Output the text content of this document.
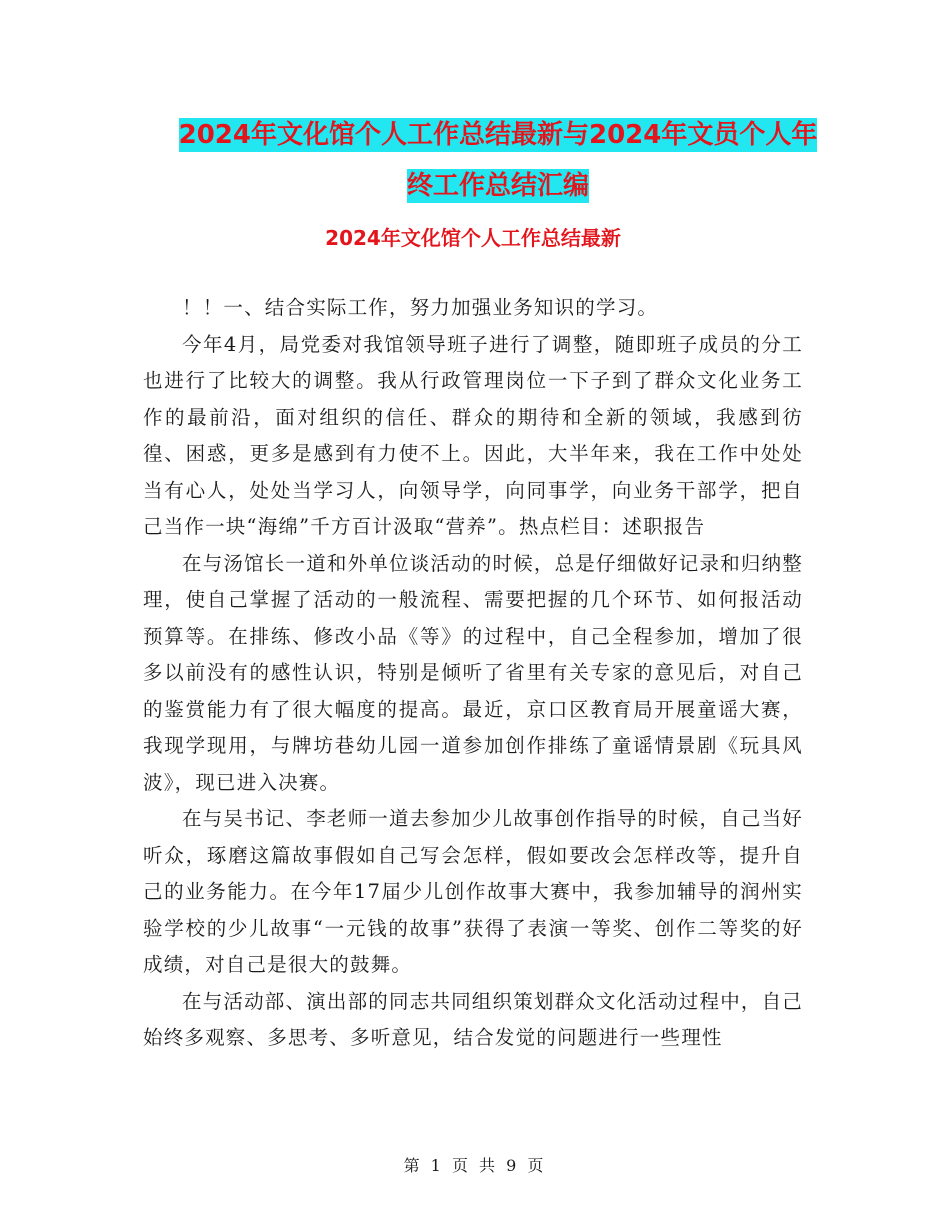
2024年文化馆个人工作总结最新与2024年文员个人年
终工作总结汇编
2024年文化馆个人工作总结最新

！！一、结合实际工作，努力加强业务知识的学习。

今年4月，局党委对我馆领导班子进行了调整，随即班子成员的分工也进行了比较大的调整。我从行政管理岗位一下子到了群众文化业务工作的最前沿，面对组织的信任、群众的期待和全新的领域，我感到彷徨、困惑，更多是感到有力使不上。因此，大半年来，我在工作中处处当有心人，处处当学习人，向领导学，向同事学，向业务干部学，把自己当作一块“海绵”千方百计汲取“营养”。热点栏目：述职报告

在与汤馆长一道和外单位谈活动的时候，总是仔细做好记录和归纳整理，使自己掌握了活动的一般流程、需要把握的几个环节、如何报活动预算等。在排练、修改小品《等》的过程中，自己全程参加，增加了很多以前没有的感性认识，特别是倾听了省里有关专家的意见后，对自己的鉴赏能力有了很大幅度的提高。最近，京口区教育局开展童谣大赛，我现学现用，与牌坊巷幼儿园一道参加创作排练了童谣情景剧《玩具风波》，现已进入决赛。

在与吴书记、李老师一道去参加少儿故事创作指导的时候，自己当好听众，琢磨这篇故事假如自己写会怎样，假如要改会怎样改等，提升自己的业务能力。在今年17届少儿创作故事大赛中，我参加辅导的润州实验学校的少儿故事“一元钱的故事”获得了表演一等奖、创作二等奖的好成绩，对自己是很大的鼓舞。

在与活动部、演出部的同志共同组织策划群众文化活动过程中，自己始终多观察、多思考、多听意见，结合发觉的问题进行一些理性

第 1 页 共 9 页
